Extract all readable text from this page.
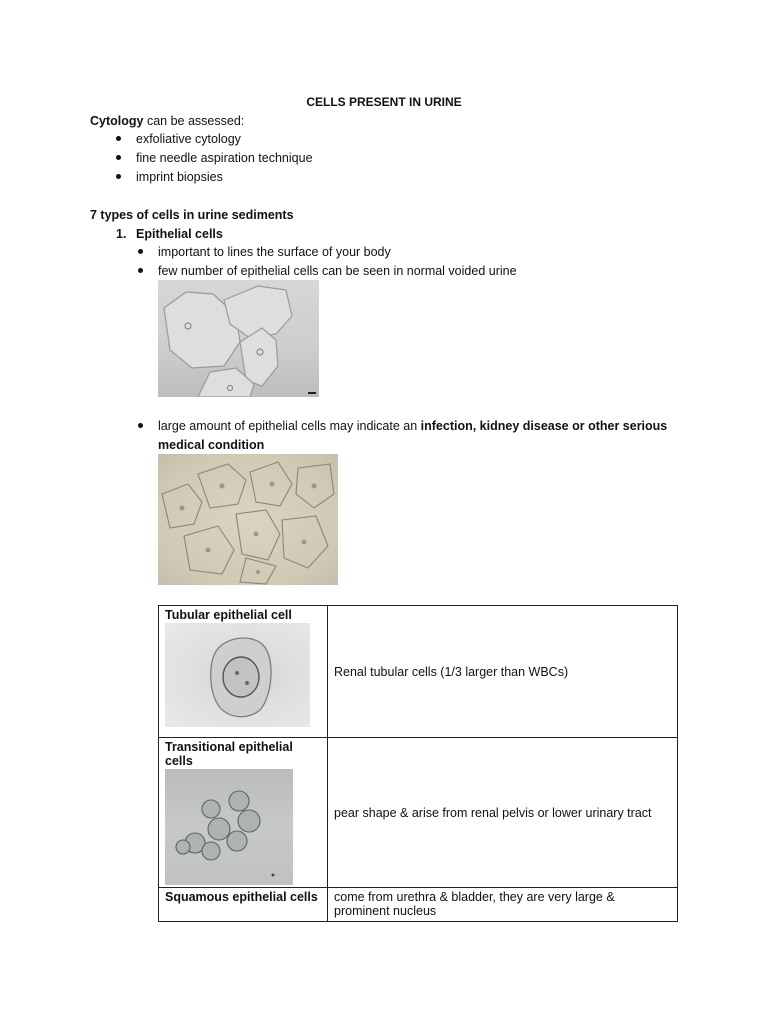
CELLS PRESENT IN URINE
Cytology can be assessed:
exfoliative cytology
fine needle aspiration technique
imprint biopsies
7 types of cells in urine sediments
1. Epithelial cells
important to lines the surface of your body
few number of epithelial cells can be seen in normal voided urine
large amount of epithelial cells may indicate an infection, kidney disease or other serious
medical condition
Tubular epithelial cell	Renal tubular cells (1/3 larger than WBCs)

Transitional epithelial cells	pear shape & arise from renal pelvis or lower urinary tract

Squamous epithelial cells	come from urethra & bladder, they are very large &
prominent nucleus
